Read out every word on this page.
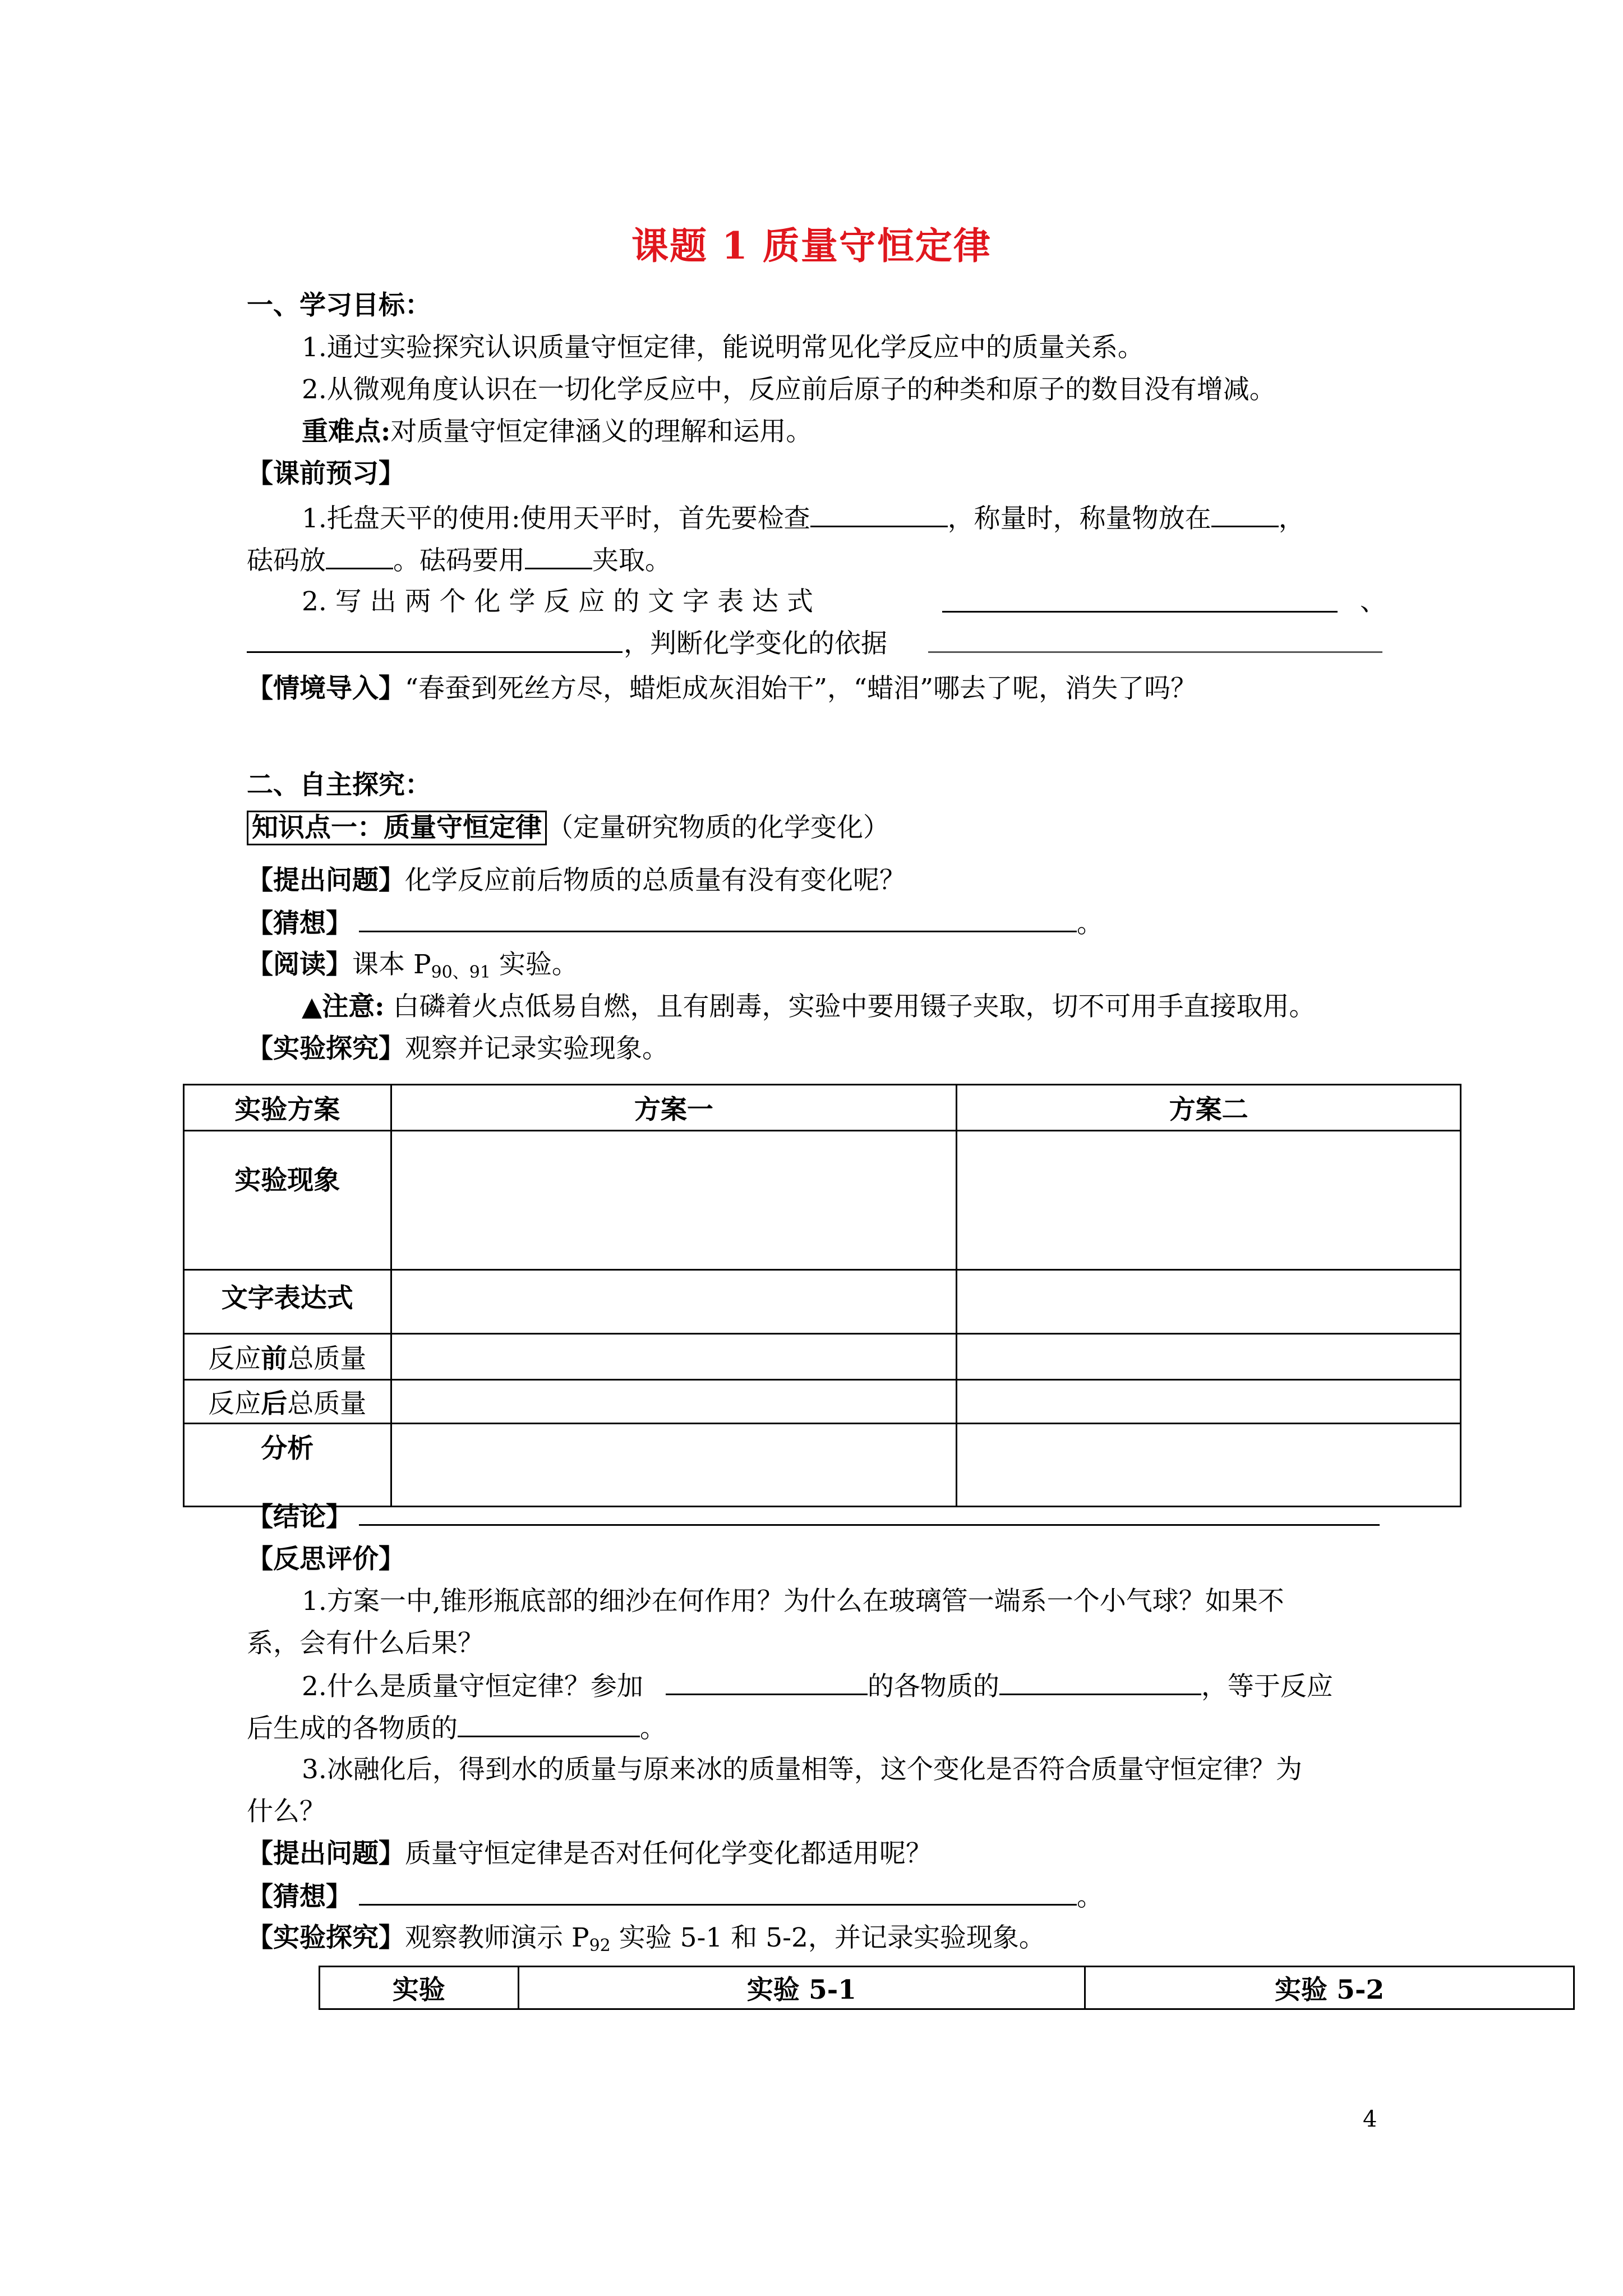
课题 1 质量守恒定律
一、学习目标：
1.通过实验探究认识质量守恒定律，能说明常见化学反应中的质量关系。
2.从微观角度认识在一切化学反应中，反应前后原子的种类和原子的数目没有增减。
重难点:对质量守恒定律涵义的理解和运用。
【课前预习】
1.托盘天平的使用:使用天平时，首先要检查	，称量时，称量物放在	，
砝码放	。砝码要用	夹取。
2. 写 出 两 个 化 学 反 应 的 文 字 表 达 式	、
，判断化学变化的依据
【情境导入】“春蚕到死丝方尽，蜡炬成灰泪始干”，“蜡泪”哪去了呢，消失了吗？
二、自主探究：
知识点一：质量守恒定律 （定量研究物质的化学变化）
【提出问题】化学反应前后物质的总质量有没有变化呢？
【猜想】	。
【阅读】课本 $P_{90、91}$ 实验。
▲注意: 白磷着火点低易自燃，且有剧毒，实验中要用镊子夹取，切不可用手直接取用。
【实验探究】观察并记录实验现象。
实验方案	方案一	方案二
实验现象		
文字表达式		
反应前总质量		
反应后总质量		
分析		
【结论】
【反思评价】
1.方案一中,锥形瓶底部的细沙在何作用？为什么在玻璃管一端系一个小气球？如果不
系，会有什么后果？
2.什么是质量守恒定律？参加	的各物质的	，等于反应
后生成的各物质的	。
3.冰融化后，得到水的质量与原来冰的质量相等，这个变化是否符合质量守恒定律？为
什么？
【提出问题】质量守恒定律是否对任何化学变化都适用呢？
【猜想】	。
【实验探究】观察教师演示 $P_{92}$ 实验 5-1 和 5-2，并记录实验现象。
实验	实验 5-1	实验 5-2
4
